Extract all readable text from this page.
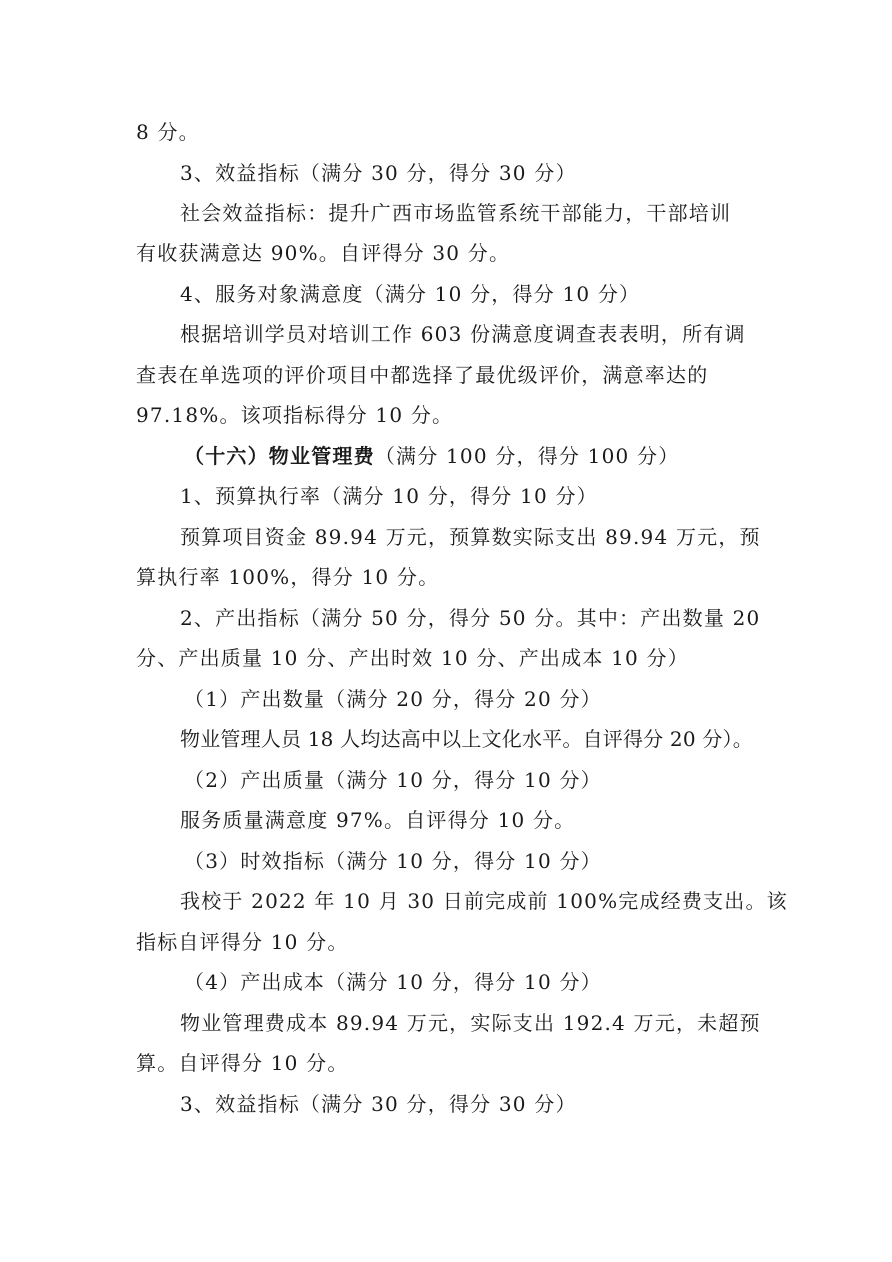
8 分。
3、效益指标（满分 30 分，得分 30 分）
社会效益指标：提升广西市场监管系统干部能力，干部培训
有收获满意达 90%。自评得分 30 分。
4、服务对象满意度（满分 10 分，得分 10 分）
根据培训学员对培训工作 603 份满意度调查表表明，所有调
查表在单选项的评价项目中都选择了最优级评价，满意率达的
97.18%。该项指标得分 10 分。
（十六）物业管理费（满分 100 分，得分 100 分）
1、预算执行率（满分 10 分，得分 10 分）
预算项目资金 89.94 万元，预算数实际支出 89.94 万元，预
算执行率 100%，得分 10 分。
2、产出指标（满分 50 分，得分 50 分。其中：产出数量 20
分、产出质量 10 分、产出时效 10 分、产出成本 10 分）
（1）产出数量（满分 20 分，得分 20 分）
物业管理人员 18 人均达高中以上文化水平。自评得分 20 分）。
（2）产出质量（满分 10 分，得分 10 分）
服务质量满意度 97%。自评得分 10 分。
（3）时效指标（满分 10 分，得分 10 分）
我校于 2022 年 10 月 30 日前完成前 100%完成经费支出。该
指标自评得分 10 分。
（4）产出成本（满分 10 分，得分 10 分）
物业管理费成本 89.94 万元，实际支出 192.4 万元，未超预
算。自评得分 10 分。
3、效益指标（满分 30 分，得分 30 分）
